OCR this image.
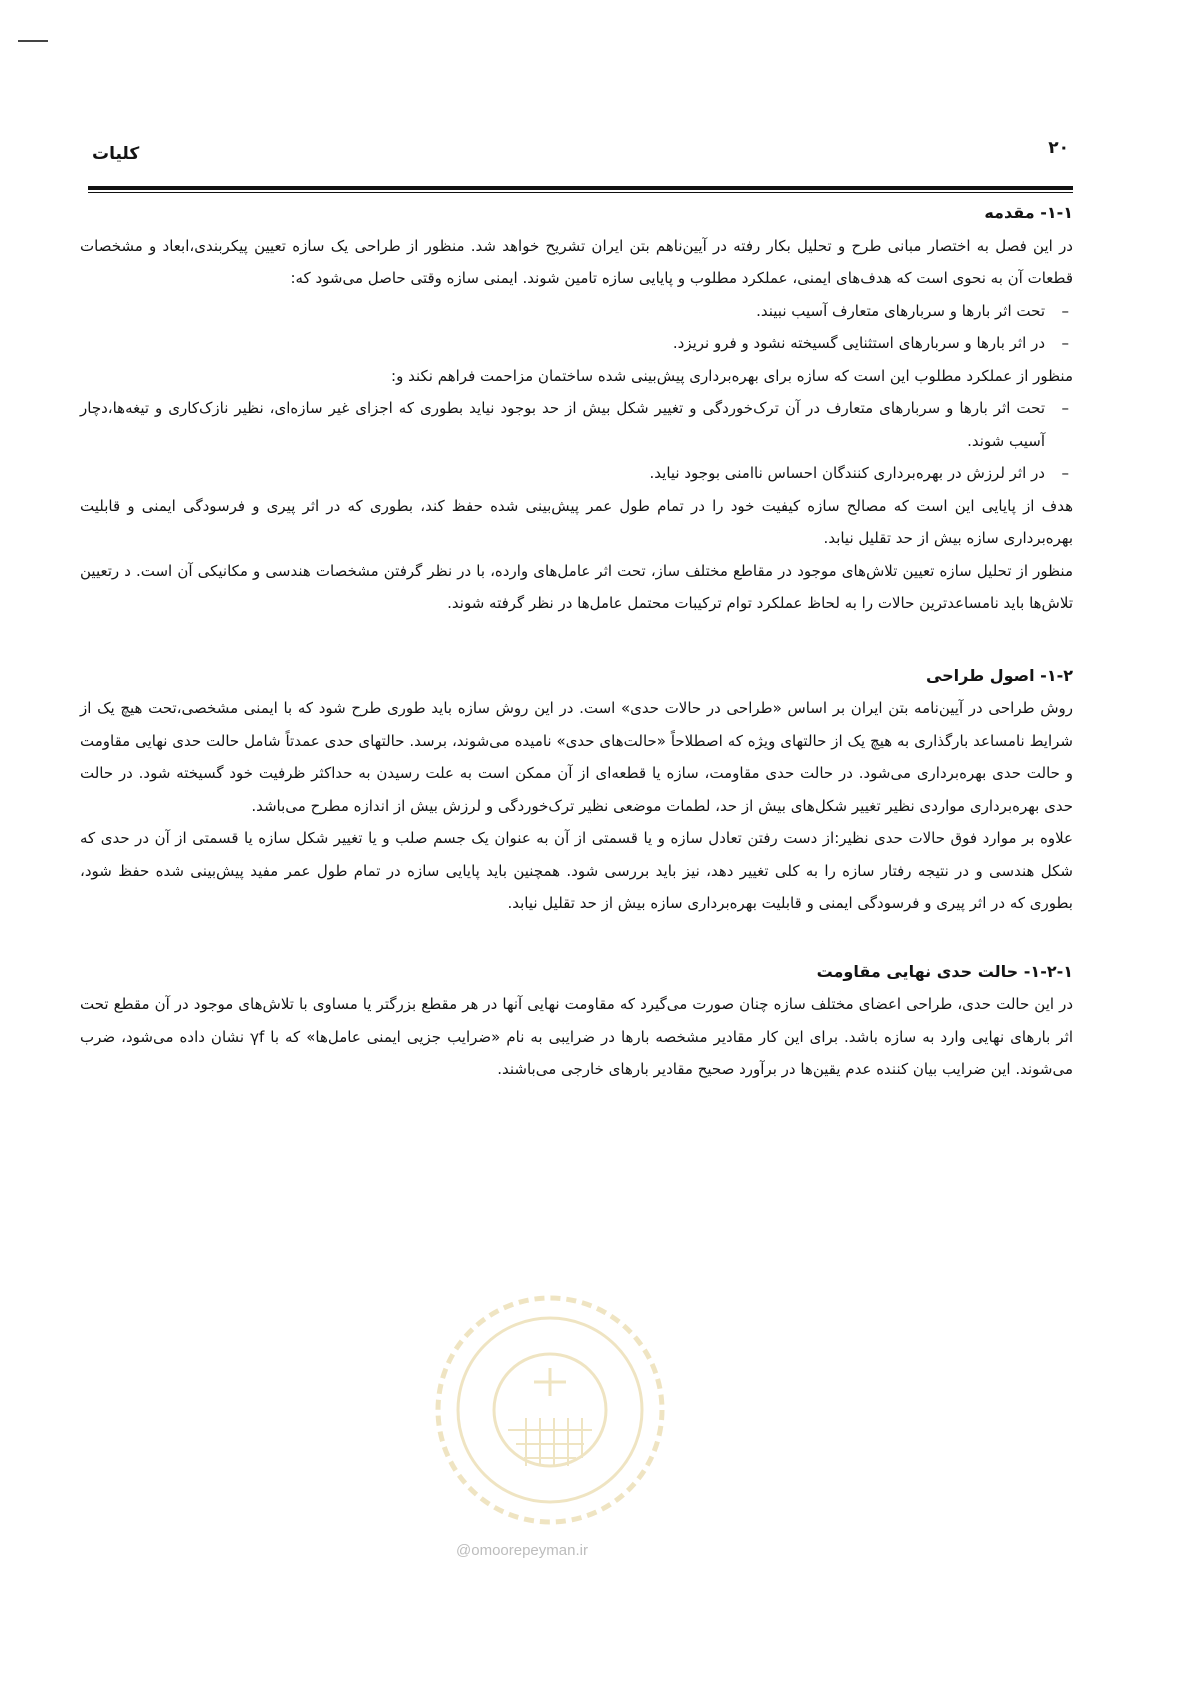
۲۰
کلیات
۱-۱- مقدمه

در این فصل به اختصار مبانی طرح و تحلیل بکار رفته در آیین‌ناهم بتن ایران تشریح خواهد شد. منظور از طراحی یک سازه تعیین پیکربندی،ابعاد و مشخصات قطعات آن به نحوی است که هدف‌های ایمنی، عملکرد مطلوب و پایایی سازه تامین شوند. ایمنی سازه وقتی حاصل می‌شود که:

– تحت اثر بارها و سربارهای متعارف آسیب نبیند.
– در اثر بارها و سربارهای استثنایی گسیخته نشود و فرو نریزد.

منظور از عملکرد مطلوب این است که سازه برای بهره‌برداری پیش‌بینی شده ساختمان مزاحمت فراهم نکند و:

– تحت اثر بارها و سربارهای متعارف در آن ترک‌خوردگی و تغییر شکل بیش از حد بوجود نیاید بطوری که اجزای غیر سازه‌ای، نظیر نازک‌کاری و تیغه‌ها،دچار آسیب شوند.
– در اثر لرزش در بهره‌برداری کنندگان احساس ناامنی بوجود نیاید.

هدف از پایایی این است که مصالح سازه کیفیت خود را در تمام طول عمر پیش‌بینی شده حفظ کند، بطوری که در اثر پیری و فرسودگی ایمنی و قابلیت بهره‌برداری سازه بیش از حد تقلیل نیابد.

منظور از تحلیل سازه تعیین تلاش‌های موجود در مقاطع مختلف ساز، تحت اثر عامل‌های وارده، با در نظر گرفتن مشخصات هندسی و مکانیکی آن است. د رتعیین تلاش‌ها باید نامساعدترین حالات را به لحاظ عملکرد توام ترکیبات محتمل عامل‌ها در نظر گرفته شوند.

۱-۲- اصول طراحی

روش طراحی در آیین‌نامه بتن ایران بر اساس «طراحی در حالات حدی» است. در این روش سازه باید طوری طرح شود که با ایمنی مشخصی،تحت هیچ یک از شرایط نامساعد بارگذاری به هیچ یک از حالتهای ویژه که اصطلاحاً «حالت‌های حدی» نامیده می‌شوند، برسد. حالتهای حدی عمدتاً شامل حالت حدی نهایی مقاومت و حالت حدی بهره‌برداری می‌شود. در حالت حدی مقاومت، سازه یا قطعه‌ای از آن ممکن است به علت رسیدن به حداکثر ظرفیت خود گسیخته شود. در حالت حدی بهره‌برداری مواردی نظیر تغییر شکل‌های بیش از حد، لطمات موضعی نظیر ترک‌خوردگی و لرزش بیش از اندازه مطرح می‌باشد.

علاوه بر موارد فوق حالات حدی نظیر:از دست رفتن تعادل سازه و یا قسمتی از آن به عنوان یک جسم صلب و یا تغییر شکل سازه یا قسمتی از آن در حدی که شکل هندسی و در نتیجه رفتار سازه را به کلی تغییر دهد، نیز باید بررسی شود. همچنین باید پایایی سازه در تمام طول عمر مفید پیش‌بینی شده حفظ شود، بطوری که در اثر پیری و فرسودگی ایمنی و قابلیت بهره‌برداری سازه بیش از حد تقلیل نیابد.

۱-۲-۱- حالت حدی نهایی مقاومت

در این حالت حدی، طراحی اعضای مختلف سازه چنان صورت می‌گیرد که مقاومت نهایی آنها در هر مقطع بزرگتر یا مساوی با تلاش‌های موجود در آن مقطع تحت اثر بارهای نهایی وارد به سازه باشد. برای این کار مقادیر مشخصه بارها در ضرایبی به نام «ضرایب جزیی ایمنی عامل‌ها» که با γf نشان داده می‌شود، ضرب می‌شوند. این ضرایب بیان کننده عدم یقین‌ها در برآورد صحیح مقادیر بارهای خارجی می‌باشند.

@omoorepeyman.ir
